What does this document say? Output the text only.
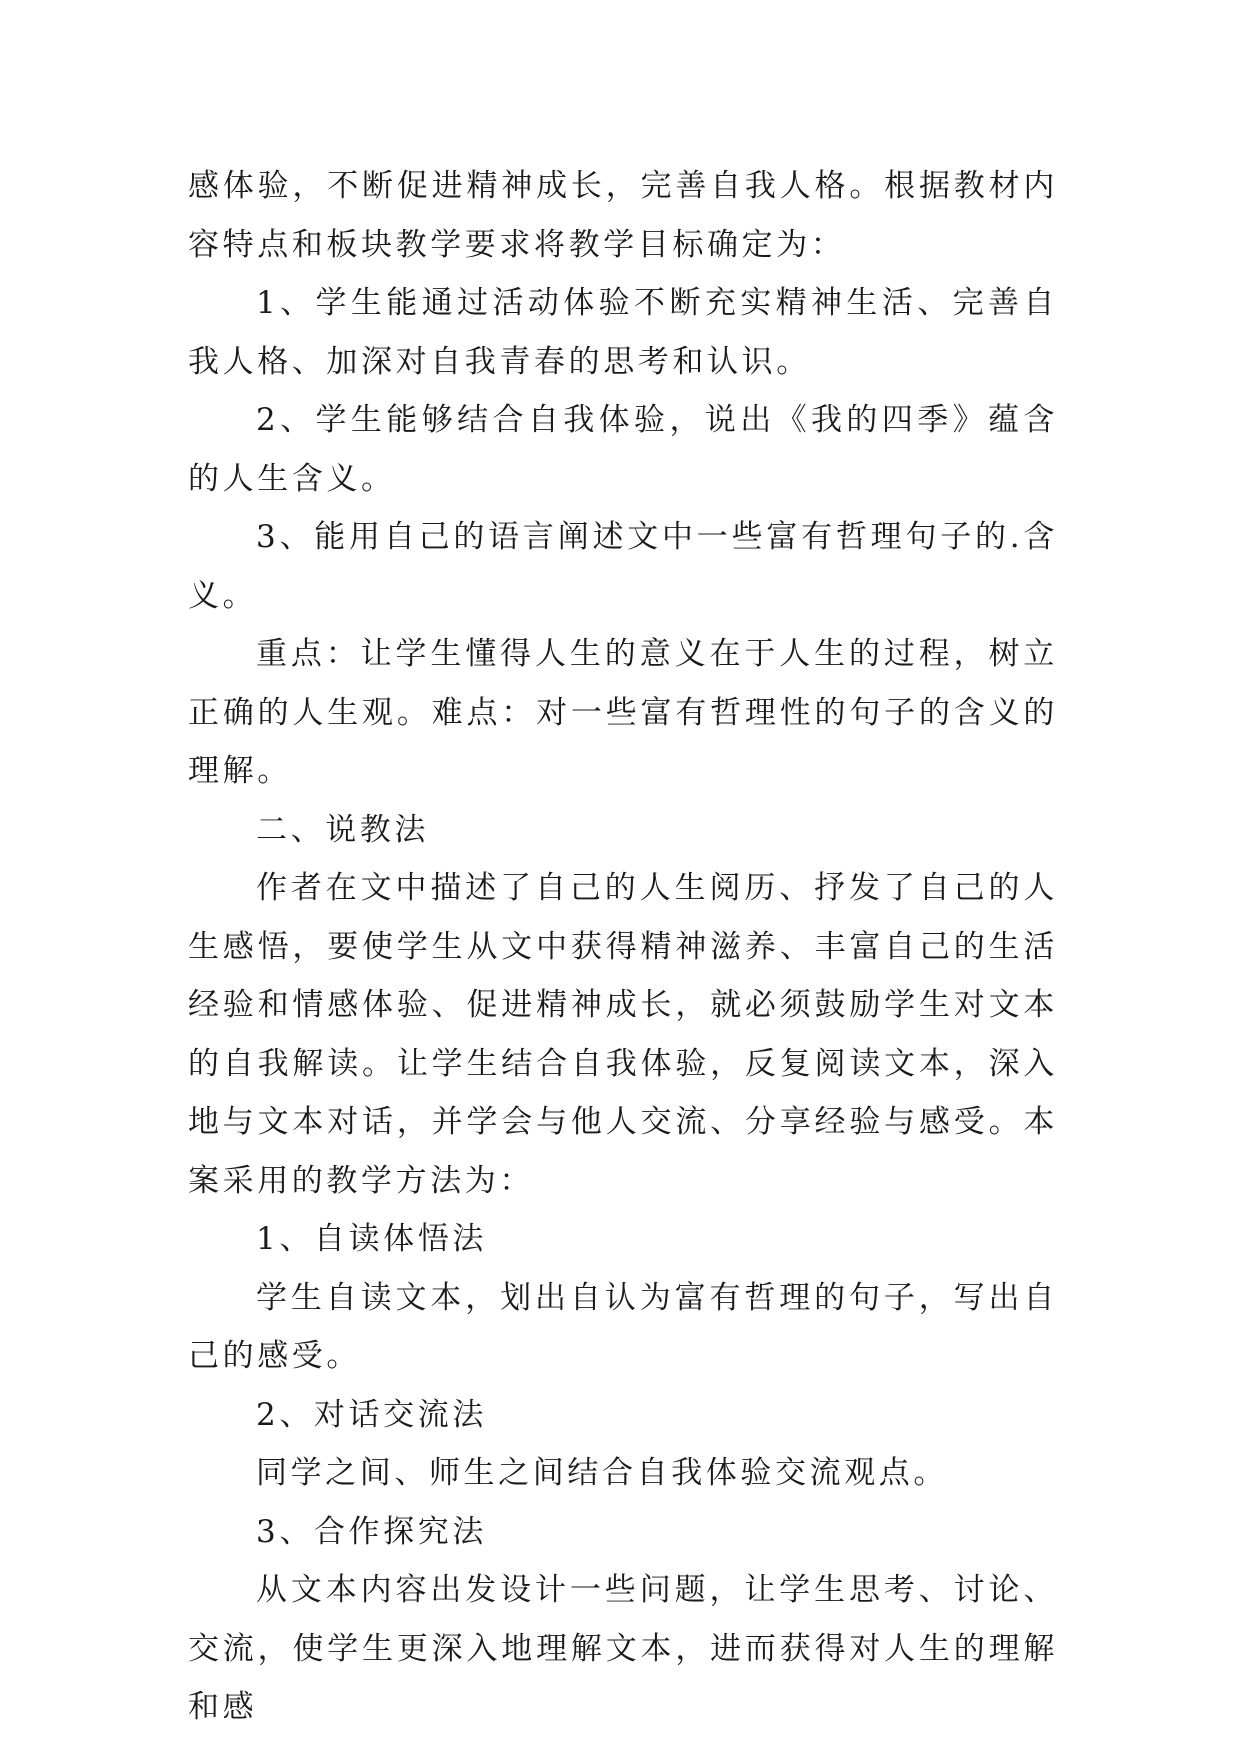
感体验，不断促进精神成长，完善自我人格。根据教材内容特点和板块教学要求将教学目标确定为：

1、学生能通过活动体验不断充实精神生活、完善自我人格、加深对自我青春的思考和认识。

2、学生能够结合自我体验，说出《我的四季》蕴含的人生含义。

3、能用自己的语言阐述文中一些富有哲理句子的.含义。

重点：让学生懂得人生的意义在于人生的过程，树立正确的人生观。难点：对一些富有哲理性的句子的含义的理解。

二、说教法

作者在文中描述了自己的人生阅历、抒发了自己的人生感悟，要使学生从文中获得精神滋养、丰富自己的生活经验和情感体验、促进精神成长，就必须鼓励学生对文本的自我解读。让学生结合自我体验，反复阅读文本，深入地与文本对话，并学会与他人交流、分享经验与感受。本案采用的教学方法为：

1、自读体悟法

学生自读文本，划出自认为富有哲理的句子，写出自己的感受。

2、对话交流法

同学之间、师生之间结合自我体验交流观点。

3、合作探究法

从文本内容出发设计一些问题，让学生思考、讨论、交流，使学生更深入地理解文本，进而获得对人生的理解和感
